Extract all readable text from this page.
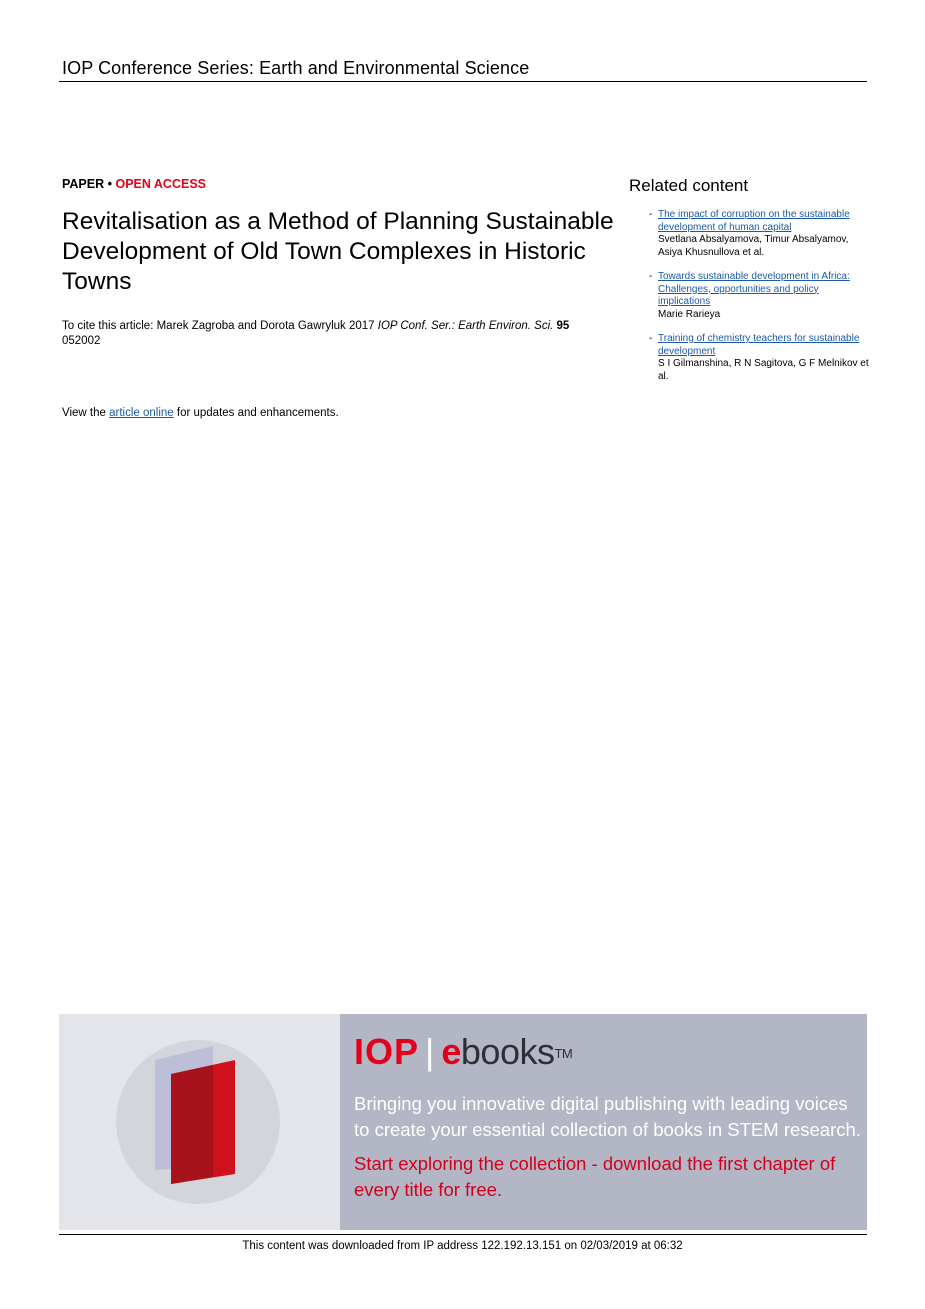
IOP Conference Series: Earth and Environmental Science
PAPER • OPEN ACCESS
Revitalisation as a Method of Planning Sustainable Development of Old Town Complexes in Historic Towns
To cite this article: Marek Zagroba and Dorota Gawryluk 2017 IOP Conf. Ser.: Earth Environ. Sci. 95
052002
View the article online for updates and enhancements.
Related content
- The impact of corruption on the sustainable development of human capital
Svetlana Absalyamova, Timur Absalyamov, Asiya Khusnullova et al.
- Towards sustainable development in Africa: Challenges, opportunities and policy implications
Marie Rarieya
- Training of chemistry teachers for sustainable development
S I Gilmanshina, R N Sagitova, G F Melnikov et al.
IOP | ebooks™
Bringing you innovative digital publishing with leading voices to create your essential collection of books in STEM research.
Start exploring the collection - download the first chapter of every title for free.
This content was downloaded from IP address 122.192.13.151 on 02/03/2019 at 06:32
